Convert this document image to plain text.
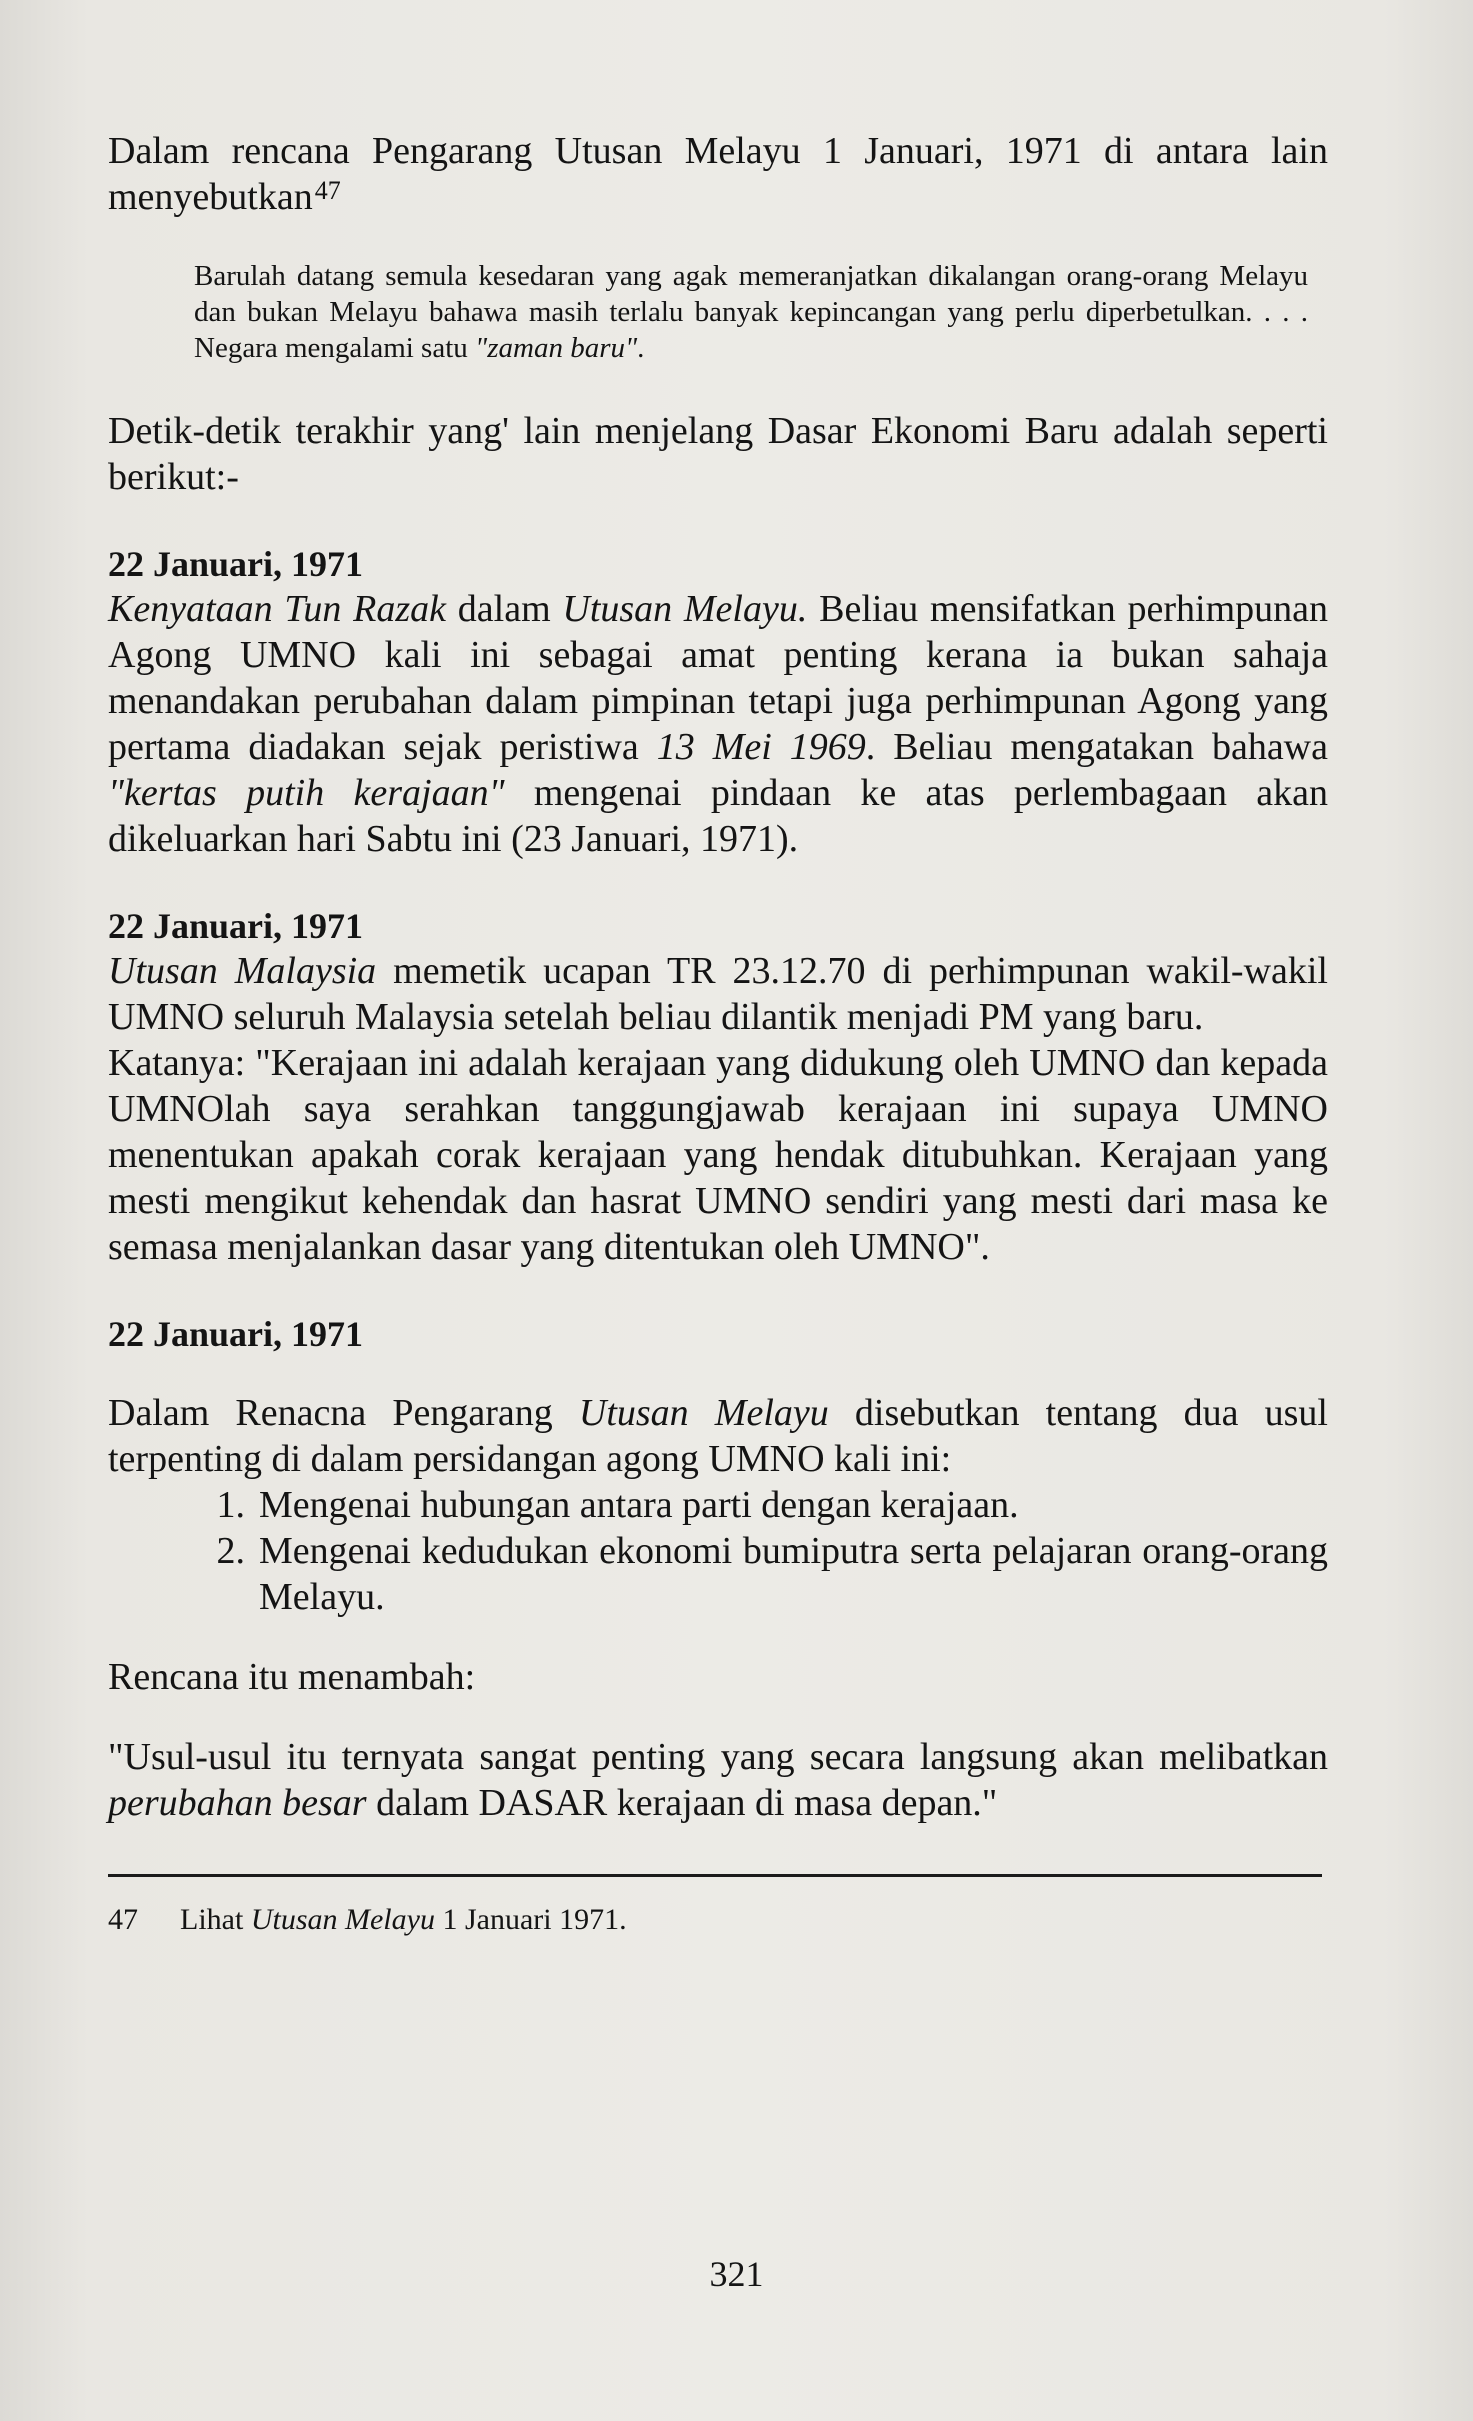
Dalam rencana Pengarang Utusan Melayu 1 Januari, 1971 di antara lain menyebutkan$^{47}$

Barulah datang semula kesedaran yang agak memeranjatkan dikalangan orang-orang Melayu dan bukan Melayu bahawa masih terlalu banyak kepincangan yang perlu diperbetulkan. . . . Negara mengalami satu "zaman baru".

Detik-detik terakhir yang' lain menjelang Dasar Ekonomi Baru adalah seperti berikut:-

22 Januari, 1971

Kenyataan Tun Razak dalam Utusan Melayu. Beliau mensifatkan perhimpunan Agong UMNO kali ini sebagai amat penting kerana ia bukan sahaja menandakan perubahan dalam pimpinan tetapi juga perhimpunan Agong yang pertama diadakan sejak peristiwa 13 Mei 1969. Beliau mengatakan bahawa "kertas putih kerajaan" mengenai pindaan ke atas perlembagaan akan dikeluarkan hari Sabtu ini (23 Januari, 1971).

22 Januari, 1971

Utusan Malaysia memetik ucapan TR 23.12.70 di perhimpunan wakil-wakil UMNO seluruh Malaysia setelah beliau dilantik menjadi PM yang baru.

Katanya: "Kerajaan ini adalah kerajaan yang didukung oleh UMNO dan kepada UMNOlah saya serahkan tanggungjawab kerajaan ini supaya UMNO menentukan apakah corak kerajaan yang hendak ditubuhkan. Kerajaan yang mesti mengikut kehendak dan hasrat UMNO sendiri yang mesti dari masa ke semasa menjalankan dasar yang ditentukan oleh UMNO".

22 Januari, 1971

Dalam Renacna Pengarang Utusan Melayu disebutkan tentang dua usul terpenting di dalam persidangan agong UMNO kali ini:

1. Mengenai hubungan antara parti dengan kerajaan.
2. Mengenai kedudukan ekonomi bumiputra serta pelajaran orang-orang Melayu.

Rencana itu menambah:

"Usul-usul itu ternyata sangat penting yang secara langsung akan melibatkan perubahan besar dalam DASAR kerajaan di masa depan."

47	Lihat Utusan Melayu 1 Januari 1971.
321
